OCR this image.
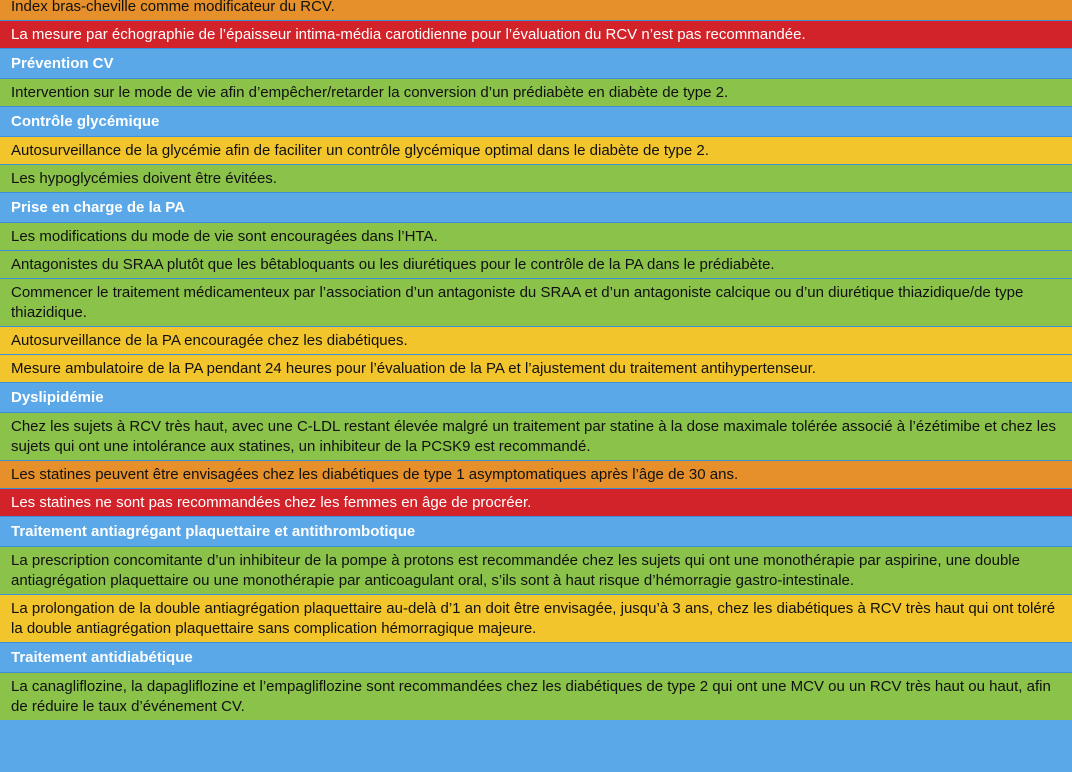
Index bras-cheville comme modificateur du RCV.
La mesure par échographie de l’épaisseur intima-média carotidienne pour l’évaluation du RCV n’est pas recommandée.
Prévention CV
Intervention sur le mode de vie afin d’empêcher/retarder la conversion d’un prédiabète en diabète de type 2.
Contrôle glycémique
Autosurveillance de la glycémie afin de faciliter un contrôle glycémique optimal dans le diabète de type 2.
Les hypoglycémies doivent être évitées.
Prise en charge de la PA
Les modifications du mode de vie sont encouragées dans l’HTA.
Antagonistes du SRAA plutôt que les bêtabloquants ou les diurétiques pour le contrôle de la PA dans le prédiabète.
Commencer le traitement médicamenteux par l’association d’un antagoniste du SRAA et d’un antagoniste calcique ou d’un diurétique thiazidique/de type thiazidique.
Autosurveillance de la PA encouragée chez les diabétiques.
Mesure ambulatoire de la PA pendant 24 heures pour l’évaluation de la PA et l’ajustement du traitement antihypertenseur.
Dyslipidémie
Chez les sujets à RCV très haut, avec une C-LDL restant élevée malgré un traitement par statine à la dose maximale tolérée associé à l’ézétimibe et chez les sujets qui ont une intolérance aux statines, un inhibiteur de la PCSK9 est recommandé.
Les statines peuvent être envisagées chez les diabétiques de type 1 asymptomatiques après l’âge de 30 ans.
Les statines ne sont pas recommandées chez les femmes en âge de procréer.
Traitement antiagrégant plaquettaire et antithrombotique
La prescription concomitante d’un inhibiteur de la pompe à protons est recommandée chez les sujets qui ont une monothérapie par aspirine, une double antiagrégation plaquettaire ou une monothérapie par anticoagulant oral, s’ils sont à haut risque d’hémorragie gastro-intestinale.
La prolongation de la double antiagrégation plaquettaire au-delà d’1 an doit être envisagée, jusqu’à 3 ans, chez les diabétiques à RCV très haut qui ont toléré la double antiagrégation plaquettaire sans complication hémorragique majeure.
Traitement antidiabétique
La canagliflozine, la dapagliflozine et l’empagliflozine sont recommandées chez les diabétiques de type 2 qui ont une MCV ou un RCV très haut ou haut, afin de réduire le taux d’événement CV.
